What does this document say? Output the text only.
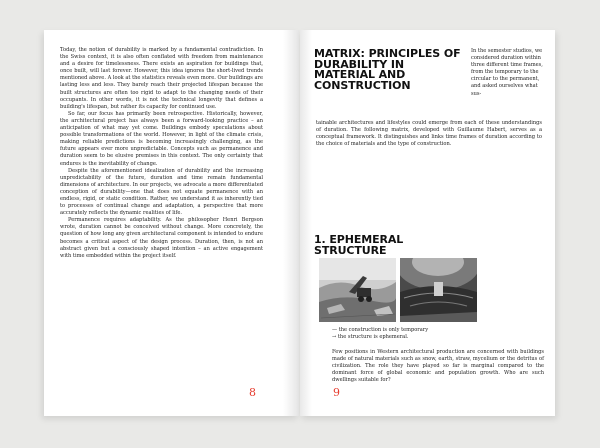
Today, the notion of durability is marked by a fundamental contradiction. In the Swiss context, it is also often conflated with freedom from maintenance and a desire for timelessness. There exists an aspiration for buildings that, once built, will last forever. However, this idea ignores the short-lived trends mentioned above. A look at the statistics reveals even more. Our buildings are lasting less and less. They barely reach their projected lifespan because the built structures are often too rigid to adapt to the changing needs of their occupants. In other words, it is not the technical longevity that defines a building's lifespan, but rather its capacity for continued use.

So far, our focus has primarily been retrospective. Historically, however, the architectural project has always been a forward-looking practice – an anticipation of what may yet come. Buildings embody speculations about possible transformations of the world. However, in light of the climate crisis, making reliable predictions is becoming increasingly challenging, as the future appears ever more unpredictable. Concepts such as permanence and duration seem to be elusive premises in this context. The only certainty that endures is the inevitability of change.

Despite the aforementioned idealization of durability and the increasing unpredictability of the future, duration and time remain fundamental dimensions of architecture. In our projects, we advocate a more differentiated conception of durability—one that does not equate permanence with an endless, rigid, or static condition. Rather, we understand it as inherently tied to processes of continual change and adaptation, a perspective that more accurately reflects the dynamic realities of life.

Permanence requires adaptability. As the philosopher Henri Bergson wrote, duration cannot be conceived without change. More concretely, the question of how long any given architectural component is intended to endure becomes a critical aspect of the design process. Duration, then, is not an abstract given but a consciously shaped intention – an active engagement with time embedded within the project itself.

8
MATRIX: PRINCIPLES OF DURABILITY IN MATERIAL AND CONSTRUCTION
In the semester studios, we considered duration within three different time frames, from the temporary to the circular to the permanent, and asked ourselves what sus-
tainable architectures and lifestyles could emerge from each of these understandings of duration. The following matrix, developed with Guillaume Habert, serves as a conceptual framework. It distinguishes and links time frames of duration according to the choice of materials and the type of construction.
1. EPHEMERAL STRUCTURE
— the construction is only temporary
→ the structure is ephemeral.
Few positions in Western architectural production are concerned with buildings made of natural materials such as snow, earth, straw, mycelium or the detritus of civilization. The role they have played so far is marginal compared to the dominant force of global economic and population growth. Who are such dwellings suitable for?
9
